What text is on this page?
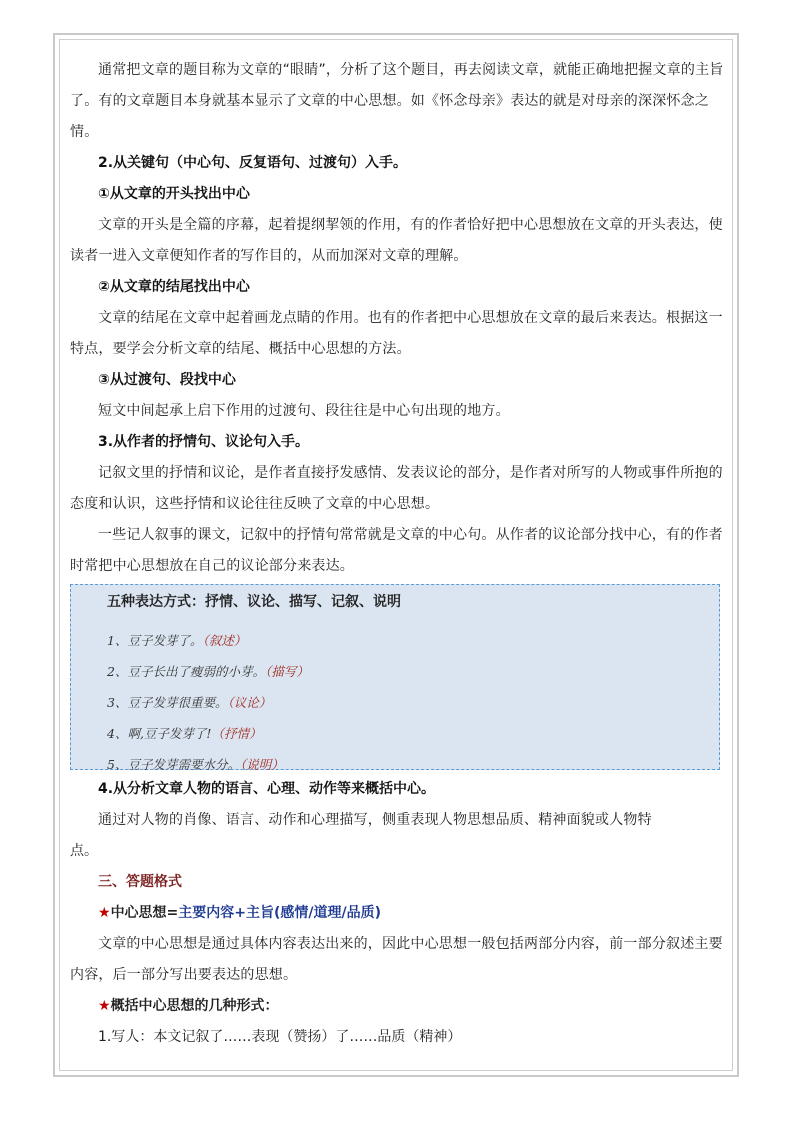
通常把文章的题目称为文章的“眼睛”，分析了这个题目，再去阅读文章，就能正确地把握文章的主旨了。有的文章题目本身就基本显示了文章的中心思想。如《怀念母亲》表达的就是对母亲的深深怀念之情。

2.从关键句（中心句、反复语句、过渡句）入手。

①从文章的开头找出中心

文章的开头是全篇的序幕，起着提纲挈领的作用，有的作者恰好把中心思想放在文章的开头表达，使读者一进入文章便知作者的写作目的，从而加深对文章的理解。

②从文章的结尾找出中心

文章的结尾在文章中起着画龙点睛的作用。也有的作者把中心思想放在文章的最后来表达。根据这一特点，要学会分析文章的结尾、概括中心思想的方法。

③从过渡句、段找中心

短文中间起承上启下作用的过渡句、段往往是中心句出现的地方。

3.从作者的抒情句、议论句入手。

记叙文里的抒情和议论，是作者直接抒发感情、发表议论的部分，是作者对所写的人物或事件所抱的态度和认识，这些抒情和议论往往反映了文章的中心思想。

一些记人叙事的课文，记叙中的抒情句常常就是文章的中心句。从作者的议论部分找中心，有的作者时常把中心思想放在自己的议论部分来表达。

五种表达方式：抒情、议论、描写、记叙、说明
1、豆子发芽了。（叙述）
2、豆子长出了瘦弱的小芽。（描写）
3、豆子发芽很重要。（议论）
4、啊,豆子发芽了!（抒情）
5、豆子发芽需要水分。（说明）

4.从分析文章人物的语言、心理、动作等来概括中心。

通过对人物的肖像、语言、动作和心理描写，侧重表现人物思想品质、精神面貌或人物特

点。

三、答题格式

★中心思想=主要内容+主旨(感情/道理/品质)

文章的中心思想是通过具体内容表达出来的，因此中心思想一般包括两部分内容，前一部分叙述主要内容，后一部分写出要表达的思想。

★概括中心思想的几种形式：

1.写人：本文记叙了……表现（赞扬）了……品质（精神）
